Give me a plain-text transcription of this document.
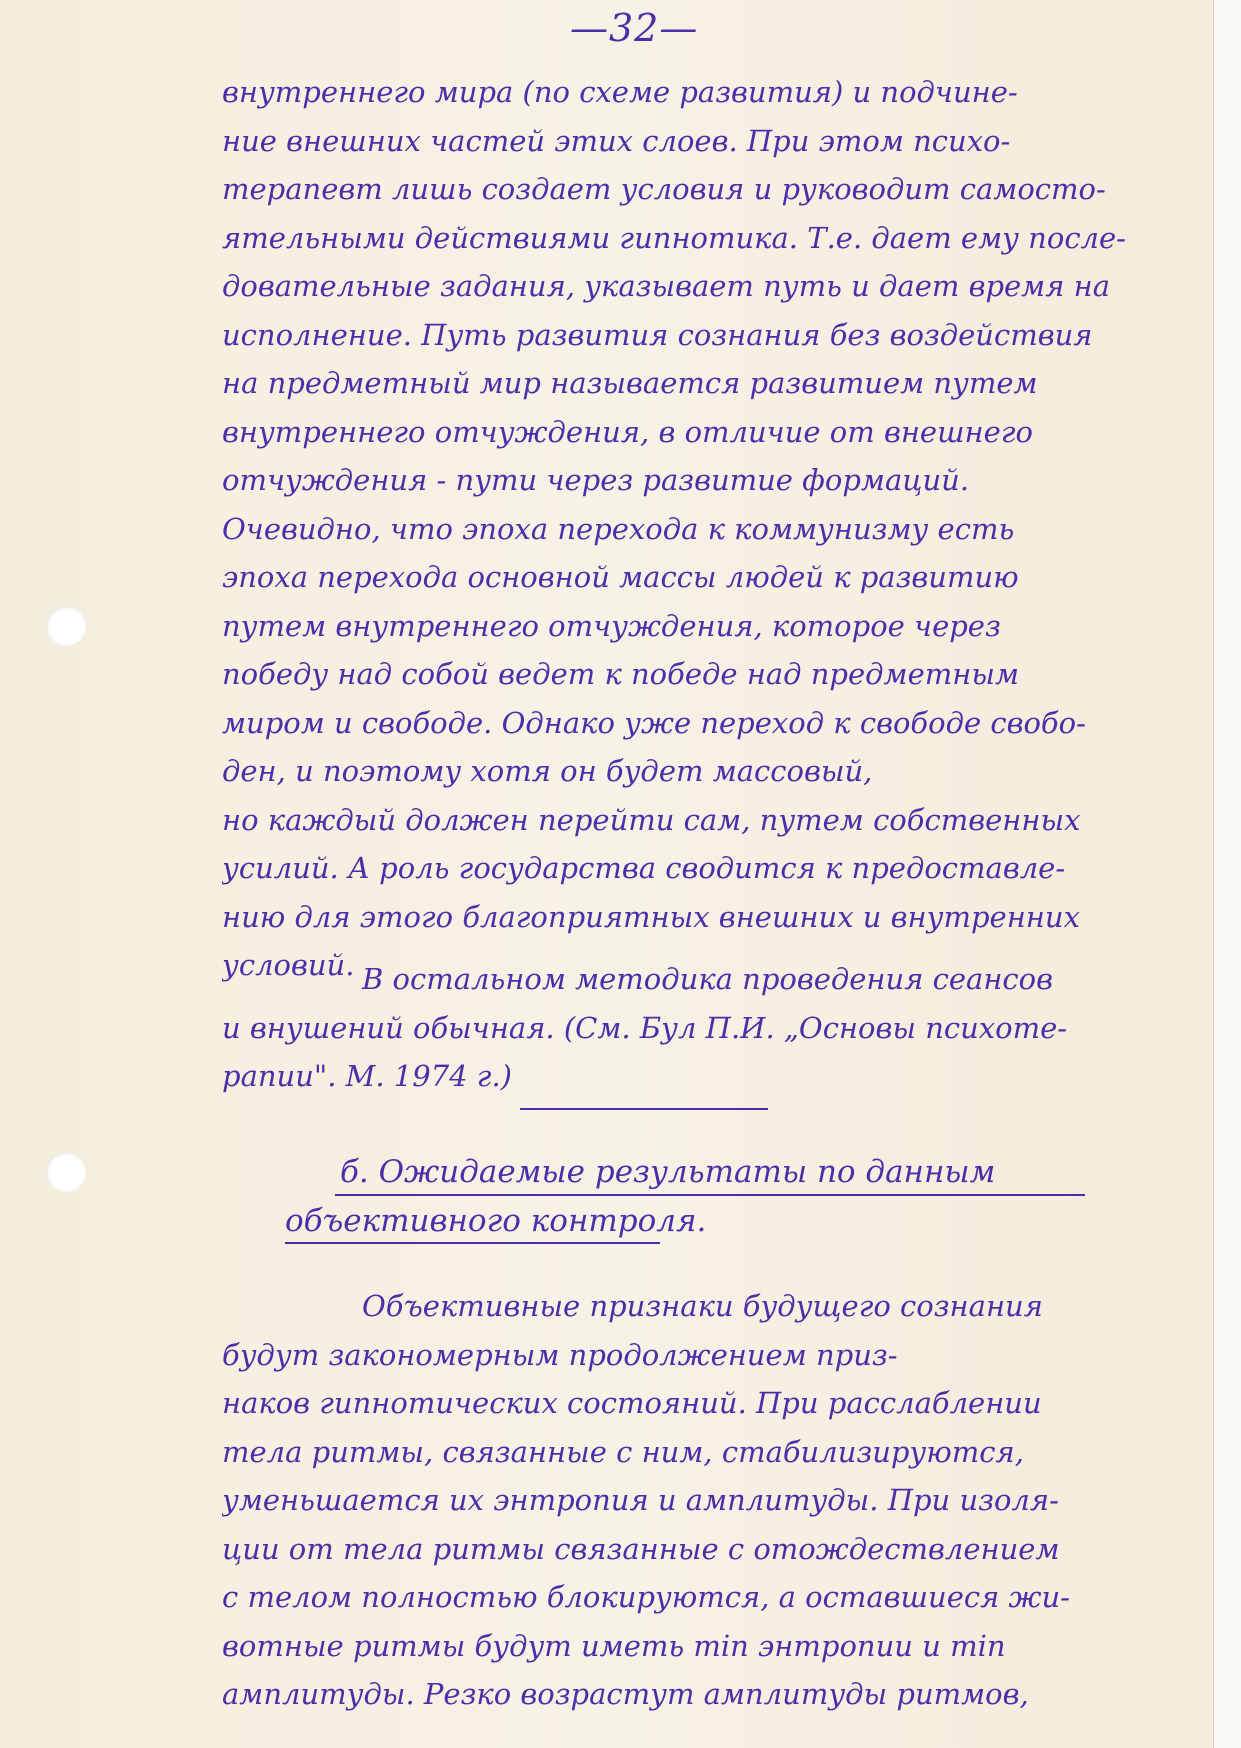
—32—
внутреннего мира (по схеме развития) и подчине-
ние внешних частей этих слоев. При этом психо-
терапевт лишь создает условия и руководит самосто-
ятельными действиями гипнотика. Т.е. дает ему после-
довательные задания, указывает путь и дает время на
исполнение. Путь развития сознания без воздействия
на предметный мир называется развитием путем
внутреннего отчуждения, в отличие от внешнего
отчуждения - пути через развитие формаций.
Очевидно, что эпоха перехода к коммунизму есть
эпоха перехода основной массы людей к развитию
путем внутреннего отчуждения, которое через
победу над собой ведет к победе над предметным
миром и свободе. Однако уже переход к свободе свобо-
ден, и поэтому хотя он будет массовый,
но каждый должен перейти сам, путем собственных
усилий. А роль государства сводится к предоставле-
нию для этого благоприятных внешних и внутренних
условий. В остальном методика проведения сеансов
и внушений обычная. (См. Бул П.И. „Основы психоте-
рапии". М. 1974 г.)
б. Ожидаемые результаты по данным
объективного контроля.
Объективные признаки будущего сознания
будут закономерным продолжением приз-
наков гипнотических состояний. При расслаблении
тела ритмы, связанные с ним, стабилизируются,
уменьшается их энтропия и амплитуды. При изоля-
ции от тела ритмы связанные с отождествлением
с телом полностью блокируются, а оставшиеся жи-
вотные ритмы будут иметь min энтропии и min
амплитуды. Резко возрастут амплитуды ритмов,
